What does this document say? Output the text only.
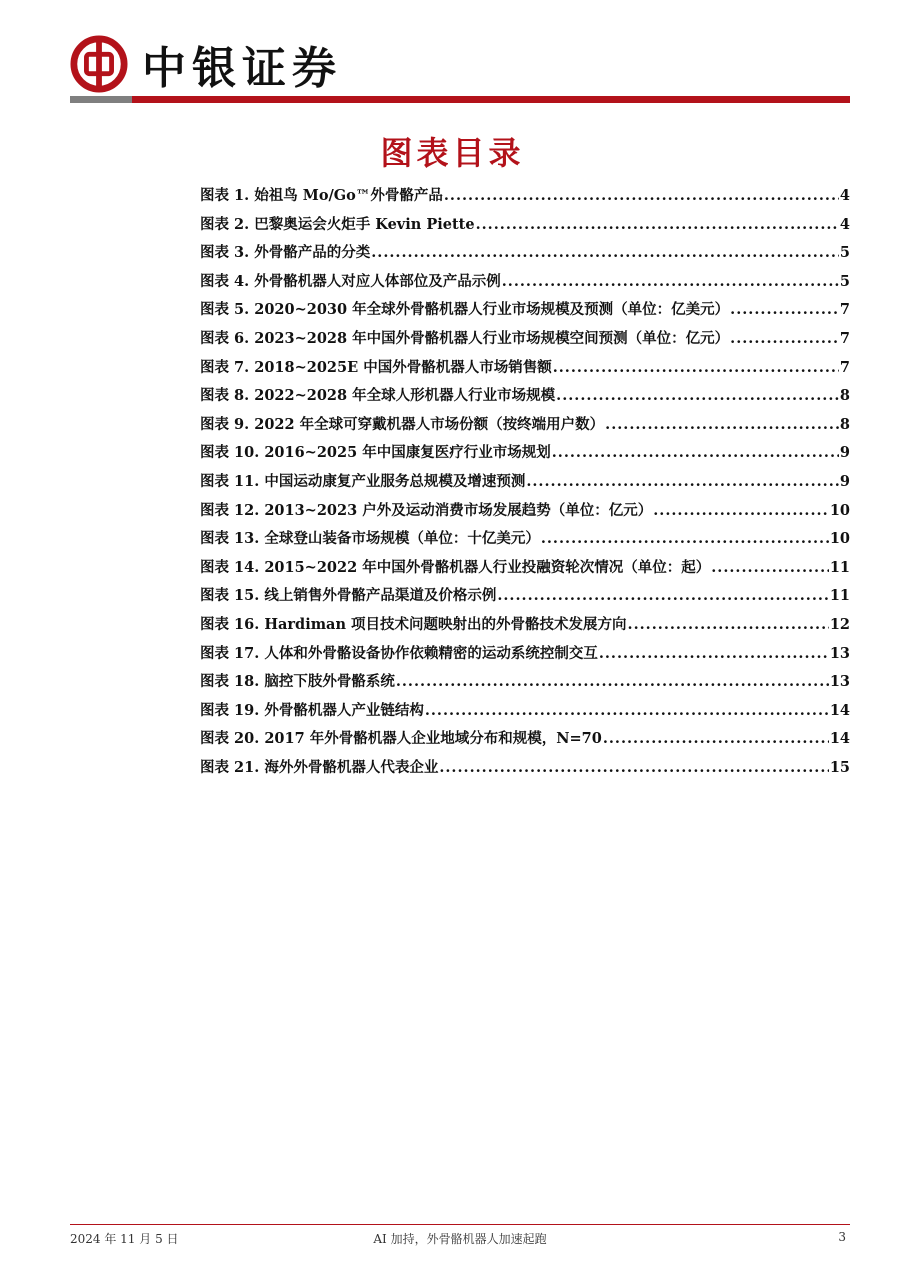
中银证券
图表目录
图表 1. 始祖鸟 Mo/Go™外骨骼产品 .....	4
图表 2. 巴黎奥运会火炬手 Kevin Piette .....	4
图表 3. 外骨骼产品的分类 .....	5
图表 4. 外骨骼机器人对应人体部位及产品示例 .....	5
图表 5. 2020~2030 年全球外骨骼机器人行业市场规模及预测（单位：亿美元） .....	7
图表 6. 2023~2028 年中国外骨骼机器人行业市场规模空间预测（单位：亿元） .....	7
图表 7. 2018~2025E 中国外骨骼机器人市场销售额 .....	7
图表 8. 2022~2028 年全球人形机器人行业市场规模 .....	8
图表 9. 2022 年全球可穿戴机器人市场份额（按终端用户数） .....	8
图表 10. 2016~2025 年中国康复医疗行业市场规划 .....	9
图表 11. 中国运动康复产业服务总规模及增速预测 .....	9
图表 12. 2013~2023 户外及运动消费市场发展趋势（单位：亿元） .....	10
图表 13. 全球登山装备市场规模（单位：十亿美元） .....	10
图表 14. 2015~2022 年中国外骨骼机器人行业投融资轮次情况（单位：起） .....	11
图表 15. 线上销售外骨骼产品渠道及价格示例 .....	11
图表 16. Hardiman 项目技术问题映射出的外骨骼技术发展方向 .....	12
图表 17. 人体和外骨骼设备协作依赖精密的运动系统控制交互 .....	13
图表 18. 脑控下肢外骨骼系统 .....	13
图表 19. 外骨骼机器人产业链结构 .....	14
图表 20. 2017 年外骨骼机器人企业地域分布和规模，N=70 .....	14
图表 21. 海外外骨骼机器人代表企业 .....	15
2024 年 11 月 5 日	AI 加持，外骨骼机器人加速起跑	3
